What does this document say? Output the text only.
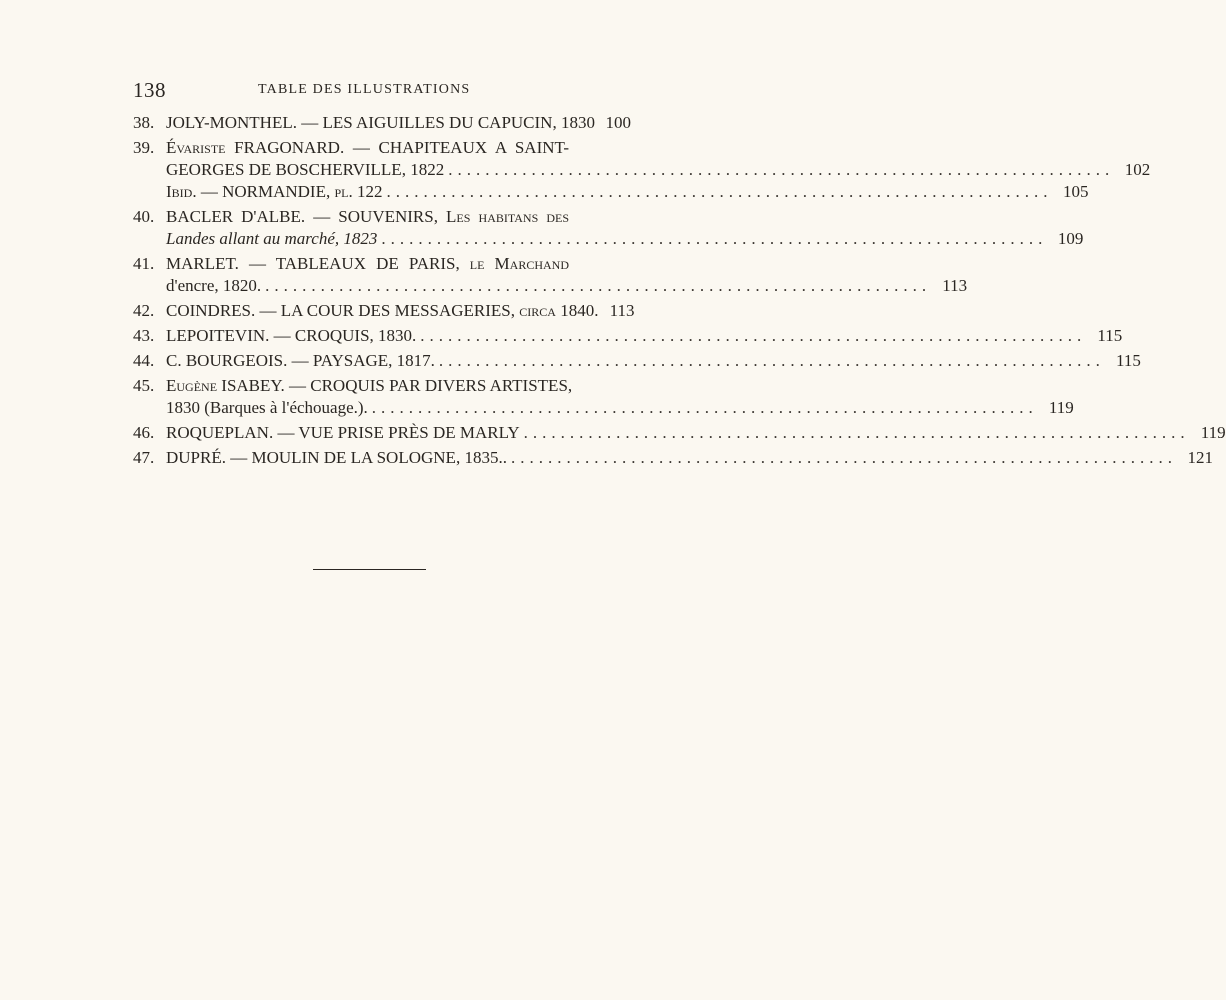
138	TABLE DES ILLUSTRATIONS
38. JOLY-MONTHEL. — LES AIGUILLES DU CAPUCIN, 1830 100
39. Évariste FRAGONARD. — CHAPITEAUX A SAINT-
GEORGES DE BOSCHERVILLE, 1822 ........................................................................ 102
Ibid. — NORMANDIE, pl. 122 ........................................................................ 105
40. BACLER D'ALBE. — SOUVENIRS, Les habitans des
Landes allant au marché, 1823 ........................................................................ 109
41. MARLET. — TABLEAUX DE PARIS, le Marchand
d'encre, 1820. ........................................................................ 113
42. COINDRES. — LA COUR DES MESSAGERIES, circa 1840. 113
43. LEPOITEVIN. — CROQUIS, 1830. ........................................................................ 115
44. C. BOURGEOIS. — PAYSAGE, 1817. ........................................................................ 115
45. Eugène ISABEY. — CROQUIS PAR DIVERS ARTISTES,
1830 (Barques à l'échouage.). ........................................................................ 119
46. ROQUEPLAN. — VUE PRISE PRÈS DE MARLY ........................................................................ 119
47. DUPRÉ. — MOULIN DE LA SOLOGNE, 1835.. ........................................................................ 121
